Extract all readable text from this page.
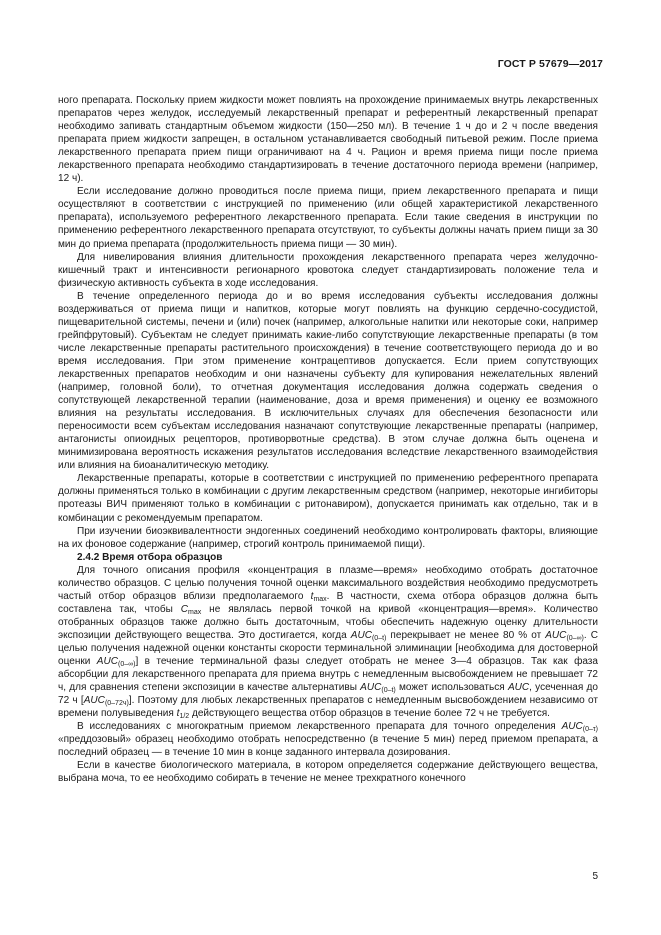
ГОСТ Р 57679—2017

ного препарата. Поскольку прием жидкости может повлиять на прохождение принимаемых внутрь лекарственных препаратов через желудок, исследуемый лекарственный препарат и референтный лекарственный препарат необходимо запивать стандартным объемом жидкости (150—250 мл). В течение 1 ч до и 2 ч после введения препарата прием жидкости запрещен, в остальном устанавливается свободный питьевой режим. После приема лекарственного препарата прием пищи ограничивают на 4 ч. Рацион и время приема пищи после приема лекарственного препарата необходимо стандартизировать в течение достаточного периода времени (например, 12 ч).

Если исследование должно проводиться после приема пищи, прием лекарственного препарата и пищи осуществляют в соответствии с инструкцией по применению (или общей характеристикой лекарственного препарата), используемого референтного лекарственного препарата. Если такие сведения в инструкции по применению референтного лекарственного препарата отсутствуют, то субъекты должны начать прием пищи за 30 мин до приема препарата (продолжительность приема пищи — 30 мин).

Для нивелирования влияния длительности прохождения лекарственного препарата через желудочно-кишечный тракт и интенсивности регионарного кровотока следует стандартизировать положение тела и физическую активность субъекта в ходе исследования.

В течение определенного периода до и во время исследования субъекты исследования должны воздерживаться от приема пищи и напитков, которые могут повлиять на функцию сердечно-сосудистой, пищеварительной системы, печени и (или) почек (например, алкогольные напитки или некоторые соки, например грейпфрутовый). Субъектам не следует принимать какие-либо сопутствующие лекарственные препараты (в том числе лекарственные препараты растительного происхождения) в течение соответствующего периода до и во время исследования. При этом применение контрацептивов допускается. Если прием сопутствующих лекарственных препаратов необходим и они назначены субъекту для купирования нежелательных явлений (например, головной боли), то отчетная документация исследования должна содержать сведения о сопутствующей лекарственной терапии (наименование, доза и время применения) и оценку ее возможного влияния на результаты исследования. В исключительных случаях для обеспечения безопасности или переносимости всем субъектам исследования назначают сопутствующие лекарственные препараты (например, антагонисты опиоидных рецепторов, противорвотные средства). В этом случае должна быть оценена и минимизирована вероятность искажения результатов исследования вследствие лекарственного взаимодействия или влияния на биоаналитическую методику.

Лекарственные препараты, которые в соответствии с инструкцией по применению референтного препарата должны применяться только в комбинации с другим лекарственным средством (например, некоторые ингибиторы протеазы ВИЧ применяют только в комбинации с ритонавиром), допускается принимать как отдельно, так и в комбинации с рекомендуемым препаратом.

При изучении биоэквивалентности эндогенных соединений необходимо контролировать факторы, влияющие на их фоновое содержание (например, строгий контроль принимаемой пищи).

2.4.2 Время отбора образцов

Для точного описания профиля «концентрация в плазме—время» необходимо отобрать достаточное количество образцов. С целью получения точной оценки максимального воздействия необходимо предусмотреть частый отбор образцов вблизи предполагаемого $t_{max}$. В частности, схема отбора образцов должна быть составлена так, чтобы $C_{max}$ не являлась первой точкой на кривой «концентрация—время». Количество отобранных образцов также должно быть достаточным, чтобы обеспечить надежную оценку длительности экспозиции действующего вещества. Это достигается, когда $AUC_{(0-t)}$ перекрывает не менее 80 % от $AUC_{(0-\infty)}$. С целью получения надежной оценки константы скорости терминальной элиминации [необходима для достоверной оценки $AUC_{(0-\infty)}$] в течение терминальной фазы следует отобрать не менее 3—4 образцов. Так как фаза абсорбции для лекарственного препарата для приема внутрь с немедленным высвобождением не превышает 72 ч, для сравнения степени экспозиции в качестве альтернативы $AUC_{(0-t)}$ может использоваться AUC, усеченная до 72 ч $[AUC_{(0-72ч)}]$. Поэтому для любых лекарственных препаратов с немедленным высвобождением независимо от времени полувыведения $t_{1/2}$ действующего вещества отбор образцов в течение более 72 ч не требуется.

В исследованиях с многократным приемом лекарственного препарата для точного определения $AUC_{(0-\tau)}$ «преддозовый» образец необходимо отобрать непосредственно (в течение 5 мин) перед приемом препарата, а последний образец — в течение 10 мин в конце заданного интервала дозирования.

Если в качестве биологического материала, в котором определяется содержание действующего вещества, выбрана моча, то ее необходимо собирать в течение не менее трехкратного конечного

5
